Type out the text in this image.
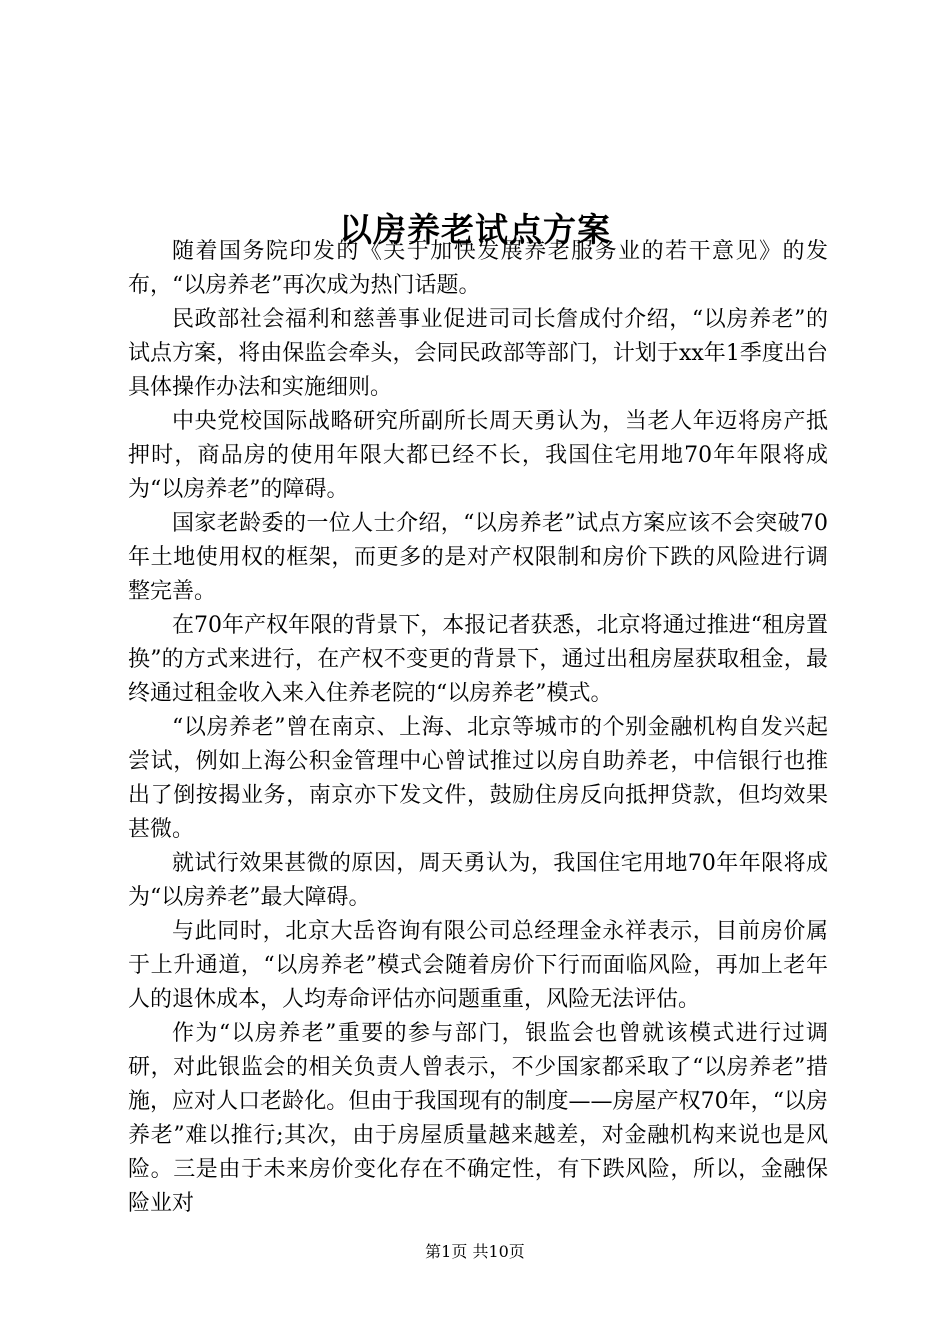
以房养老试点方案

随着国务院印发的《关于加快发展养老服务业的若干意见》的发布，“以房养老”再次成为热门话题。

民政部社会福利和慈善事业促进司司长詹成付介绍，“以房养老”的试点方案，将由保监会牵头，会同民政部等部门，计划于xx年1季度出台具体操作办法和实施细则。

中央党校国际战略研究所副所长周天勇认为，当老人年迈将房产抵押时，商品房的使用年限大都已经不长，我国住宅用地70年年限将成为“以房养老”的障碍。

国家老龄委的一位人士介绍，“以房养老”试点方案应该不会突破70年土地使用权的框架，而更多的是对产权限制和房价下跌的风险进行调整完善。

在70年产权年限的背景下，本报记者获悉，北京将通过推进“租房置换”的方式来进行，在产权不变更的背景下，通过出租房屋获取租金，最终通过租金收入来入住养老院的“以房养老”模式。

“以房养老”曾在南京、上海、北京等城市的个别金融机构自发兴起尝试，例如上海公积金管理中心曾试推过以房自助养老，中信银行也推出了倒按揭业务，南京亦下发文件，鼓励住房反向抵押贷款，但均效果甚微。

就试行效果甚微的原因，周天勇认为，我国住宅用地70年年限将成为“以房养老”最大障碍。

与此同时，北京大岳咨询有限公司总经理金永祥表示，目前房价属于上升通道，“以房养老”模式会随着房价下行而面临风险，再加上老年人的退休成本，人均寿命评估亦问题重重，风险无法评估。

作为“以房养老”重要的参与部门，银监会也曾就该模式进行过调研，对此银监会的相关负责人曾表示，不少国家都采取了“以房养老”措施，应对人口老龄化。但由于我国现有的制度——房屋产权70年，“以房养老”难以推行;其次，由于房屋质量越来越差，对金融机构来说也是风险。三是由于未来房价变化存在不确定性，有下跌风险，所以，金融保险业对

第1页 共10页
